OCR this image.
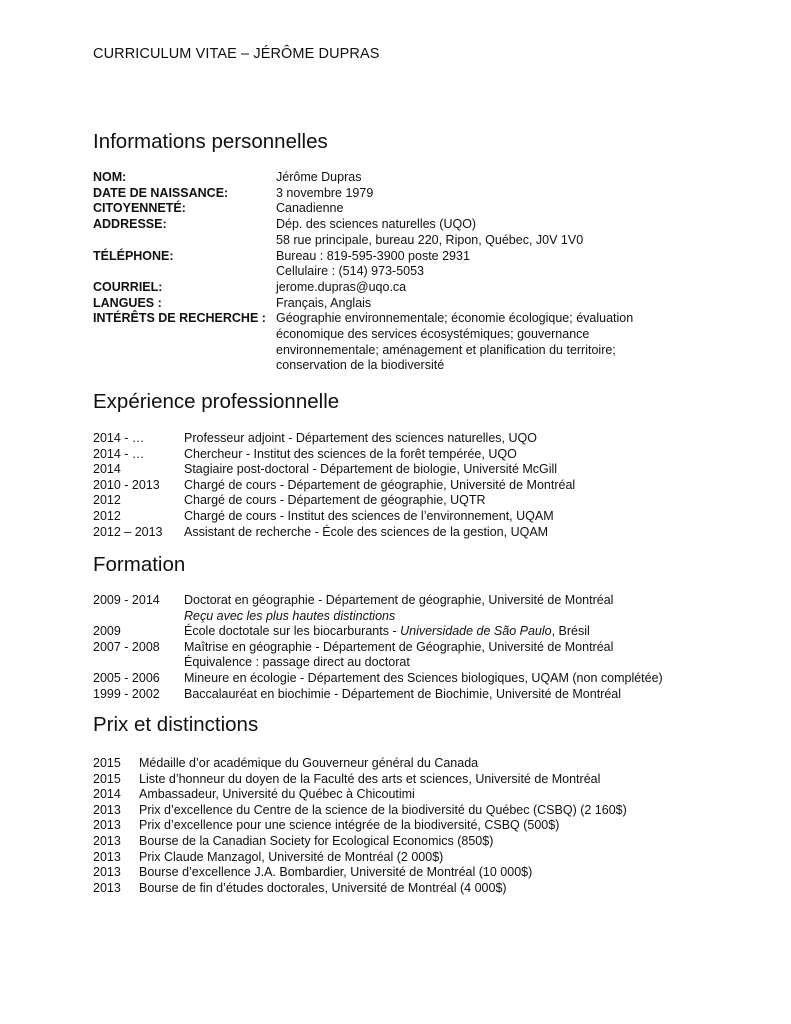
CURRICULUM VITAE – JÉRÔME DUPRAS
Informations personnelles
NOM:	Jérôme Dupras
DATE DE NAISSANCE:	3 novembre 1979
CITOYENNETÉ:	Canadienne
ADDRESSE:	Dép. des sciences naturelles (UQO)
58 rue principale, bureau 220, Ripon, Québec, J0V 1V0
TÉLÉPHONE:	Bureau : 819-595-3900 poste 2931
Cellulaire : (514) 973-5053
COURRIEL:	jerome.dupras@uqo.ca
LANGUES :	Français, Anglais
INTÉRÊTS DE RECHERCHE : Géographie environnementale; économie écologique; évaluation
économique des services écosystémiques; gouvernance
environnementale; aménagement et planification du territoire;
conservation de la biodiversité
Expérience professionnelle
2014 - …	Professeur adjoint - Département des sciences naturelles, UQO
2014 - …	Chercheur - Institut des sciences de la forêt tempérée, UQO
2014	Stagiaire post-doctoral - Département de biologie, Université McGill
2010 - 2013	Chargé de cours - Département de géographie, Université de Montréal
2012	Chargé de cours - Département de géographie, UQTR
2012	Chargé de cours - Institut des sciences de l’environnement, UQAM
2012 – 2013	Assistant de recherche - École des sciences de la gestion, UQAM
Formation
2009 - 2014	Doctorat en géographie - Département de géographie, Université de Montréal
Reçu avec les plus hautes distinctions
2009	École doctotale sur les biocarburants - Universidade de São Paulo, Brésil
2007 - 2008	Maîtrise en géographie - Département de Géographie, Université de Montréal
Équivalence : passage direct au doctorat
2005 - 2006	Mineure en écologie - Département des Sciences biologiques, UQAM (non complétée)
1999 - 2002	Baccalauréat en biochimie - Département de Biochimie, Université de Montréal
Prix et distinctions
2015	Médaille d’or académique du Gouverneur général du Canada
2015	Liste d’honneur du doyen de la Faculté des arts et sciences, Université de Montréal
2014	Ambassadeur, Université du Québec à Chicoutimi
2013	Prix d’excellence du Centre de la science de la biodiversité du Québec (CSBQ) (2 160$)
2013	Prix d’excellence pour une science intégrée de la biodiversité, CSBQ (500$)
2013	Bourse de la Canadian Society for Ecological Economics (850$)
2013	Prix Claude Manzagol, Université de Montréal (2 000$)
2013	Bourse d’excellence J.A. Bombardier, Université de Montréal (10 000$)
2013	Bourse de fin d’études doctorales, Université de Montréal (4 000$)
